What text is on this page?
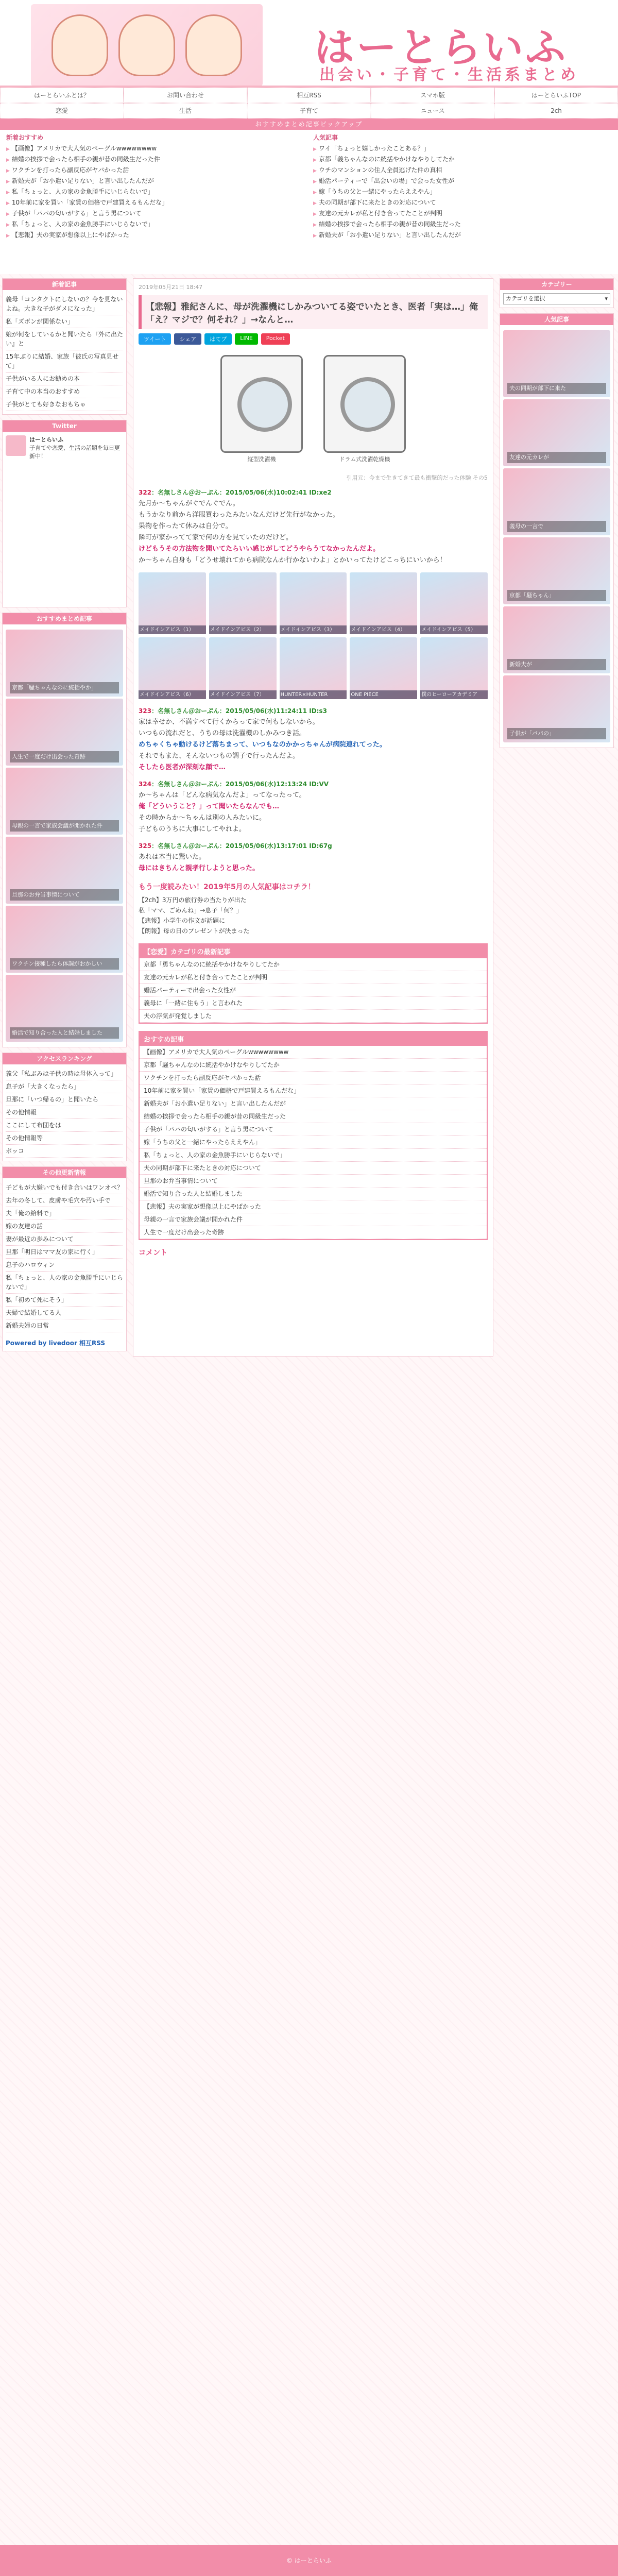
はーとらいふ
出会い・子育て・生活系まとめ
はーとらいふとは？	お問い合わせ	相互RSS	スマホ版	はーとらいふTOP
恋愛	生活	子育て	ニュース	2ch
おすすめまとめ記事ピックアップ
新着おすすめ
▶ 【画像】アメリカで大人気のペーグルwwwwwwww
▶ 結婚の挨拶で会ったら相手の親が昔の同級生だった件
▶ ワクチンを打ったら副反応がヤバかった話
▶ 新婚夫が「お小遣い足りない」と言い出したんだが
▶ 私「ちょっと、人の家の金魚勝手にいじらないで」
▶ 10年前に家を買い「家賃の価格で戸建買えるもんだな」
▶ 子供が「パパの匂いがする」と言う男について
▶ 私「ちょっと、人の家の金魚勝手にいじらないで」
▶ 【悲報】夫の実家が想像以上にやばかった
人気記事
▶ ワイ「ちょっと嬉しかったことある？」
▶ 京都「義ちゃんなのに統括やかけなやりしてたか
▶ ウチのマンションの住人全員逃げた件の真相
▶ 婚活パーティーで「出会いの場」で会った女性が
▶ 嫁「うちの父と一緒にやったらええやん」
▶ 夫の同期が部下に来たときの対応について
▶ 友達の元カレが私と付き合ってたことが判明
▶ 結婚の挨拶で会ったら相手の親が昔の同級生だった
▶ 新婚夫が「お小遣い足りない」と言い出したんだが
新着記事
義母「コンタクトにしないの？今を見ないよね。大きな子がダメになった」
私「ズボンが関係ない」
娘が何をしているかと聞いたら『外に出たい』と
15年ぶりに結婚、家族「彼氏の写真見せて」
子供がいる人にお勧めの本
子育て中の本当のおすすめ
子供がとても好きなおもちゃ
Twitter
はーとらいふ
子育てや恋愛、生活の話題を毎日更新中！
おすすめまとめ記事
京都「騒ちゃんなのに統括やか」
人生で一度だけ出会った奇跡
母親の一言で家族会議が開かれた件
旦那のお弁当事情について
ワクチン接種したら体調がおかしい
婚活で知り合った人と結婚しました
アクセスランキング
義父「私ぶみは子供の時は母体入って」
息子が「大きくなったら」
旦那に「いつ帰るの」と聞いたら
その他情報
ここにして布団をは
その他情報等
ポッコ
その他更新情報
子どもが大嫌いでも付き合いはワンオペ？
去年の冬して、皮膚や毛穴や汚い手で
夫「俺の給料で」
嫁の友達の話
妻が最近の歩みについて
旦那「明日はママ友の家に行く」
息子のハロウィン
私「ちょっと、人の家の金魚勝手にいじらないで」
私「初めて死にそう」
夫婦で結婚してる人
新婚夫婦の日常
Powered by livedoor 相互RSS
2019年05月21日 18:47
【悲報】雅紀さんに、母が洗濯機にしかみついてる姿でいたとき、医者「実は…」俺「え？マジで？何それ？」→なんと…
ツイート	シェア	はてブ	LINE	Pocket
縦型洗濯機	ドラム式洗濯乾燥機
引用元：今まで生きてきて最も衝撃的だった体験 その5
322：名無しさん＠おーぷん：2015/05/06(水)10:02:41 ID:xe2
先月か〜ちゃんがぐでんぐでん。
もうかなり前から洋服買わったみたいなんだけど先行がなかった。
果物を作ったて休みは自分で。
隣町が家かってて家で何の方を見ていたのだけど。
けどもうその方法物を開いてたらいい感じがしてどうやらうてなかったんだよ。
か〜ちゃん自身も「どうせ壊れてから病院なんか行かないわよ」とかいってたけどこっちにいいから！
メイドインアビス（1）	メイドインアビス（2）	メイドインアビス（3）	メイドインアビス（4）	メイドインアビス（5）
メイドインアビス（6）	メイドインアビス（7）	HUNTER×HUNTER	ONE PIECE	僕のヒーローアカデミア
323：名無しさん＠おーぷん：2015/05/06(水)11:24:11 ID:s3
家は幸せか、不満すべて行くからって家で何もしないから。
いつもの流れだと、うちの母は洗濯機のしかみつき話。
めちゃくちゃ動けるけど落ちまって、いつもなのかかっちゃんが病院連れてった。
それでもまた、そんないつもの調子で行ったんだよ。
そしたら医者が深刻な顔で…
324：名無しさん＠おーぷん：2015/05/06(水)12:13:24 ID:VV
か〜ちゃんは「どんな病気なんだよ」ってなったって。
俺「どういうこと？」って聞いたらなんでも…
その時からか〜ちゃんは別の人みたいに。
子どものうちに大事にしてやれよ。
325：名無しさん＠おーぷん：2015/05/06(水)13:17:01 ID:67g
あれは本当に驚いた。
母にはきちんと親孝行しようと思った。
もう一度読みたい！2019年5月の人気記事はコチラ！
【2ch】3万円の旅行券の当たりが出た
私「ママ、ごめんね」→息子「何？」
【悲報】小学生の作文が話題に
【朗報】母の日のプレゼントが決まった
【恋愛】カテゴリの最新記事
京都「勇ちゃんなのに統括やかけなやりしてたか
友達の元カレが私と付き合ってたことが判明
婚活パーティーで出会った女性が
義母に「一緒に住もう」と言われた
夫の浮気が発覚しました
おすすめ記事
【画像】アメリカで大人気のペーグルwwwwwwww
京都「騒ちゃんなのに統括やかけなやりしてたか
ワクチンを打ったら副反応がヤバかった話
10年前に家を買い「家賃の価格で戸建買えるもんだな」
新婚夫が「お小遣い足りない」と言い出したんだが
結婚の挨拶で会ったら相手の親が昔の同級生だった
子供が「パパの匂いがする」と言う男について
嫁「うちの父と一緒にやったらええやん」
私「ちょっと、人の家の金魚勝手にいじらないで」
夫の同期が部下に来たときの対応について
旦那のお弁当事情について
婚活で知り合った人と結婚しました
【悲報】夫の実家が想像以上にやばかった
母親の一言で家族会議が開かれた件
人生で一度だけ出会った奇跡
コメント
カテゴリー
カテゴリを選択	▾
人気記事
夫の同期が部下に来た
友達の元カレが
義母の一言で
京都「騒ちゃん」
新婚夫が
子供が「パパの」
© はーとらいふ
